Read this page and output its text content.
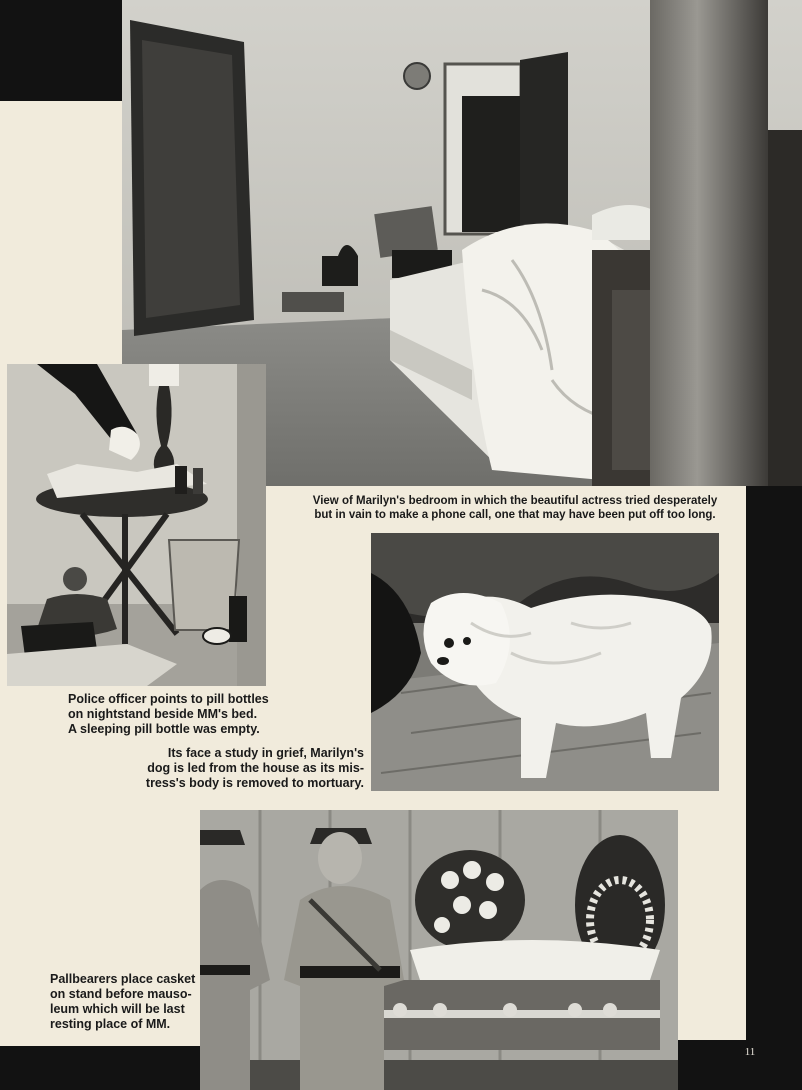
View of Marilyn's bedroom in which the beautiful actress tried desperately
but in vain to make a phone call, one that may have been put off too long.

Police officer points to pill bottles
on nightstand beside MM's bed.
A sleeping pill bottle was empty.

Its face a study in grief, Marilyn's
dog is led from the house as its mis-
tress's body is removed to mortuary.

Pallbearers place casket
on stand before mauso-
leum which will be last
resting place of MM.

11
